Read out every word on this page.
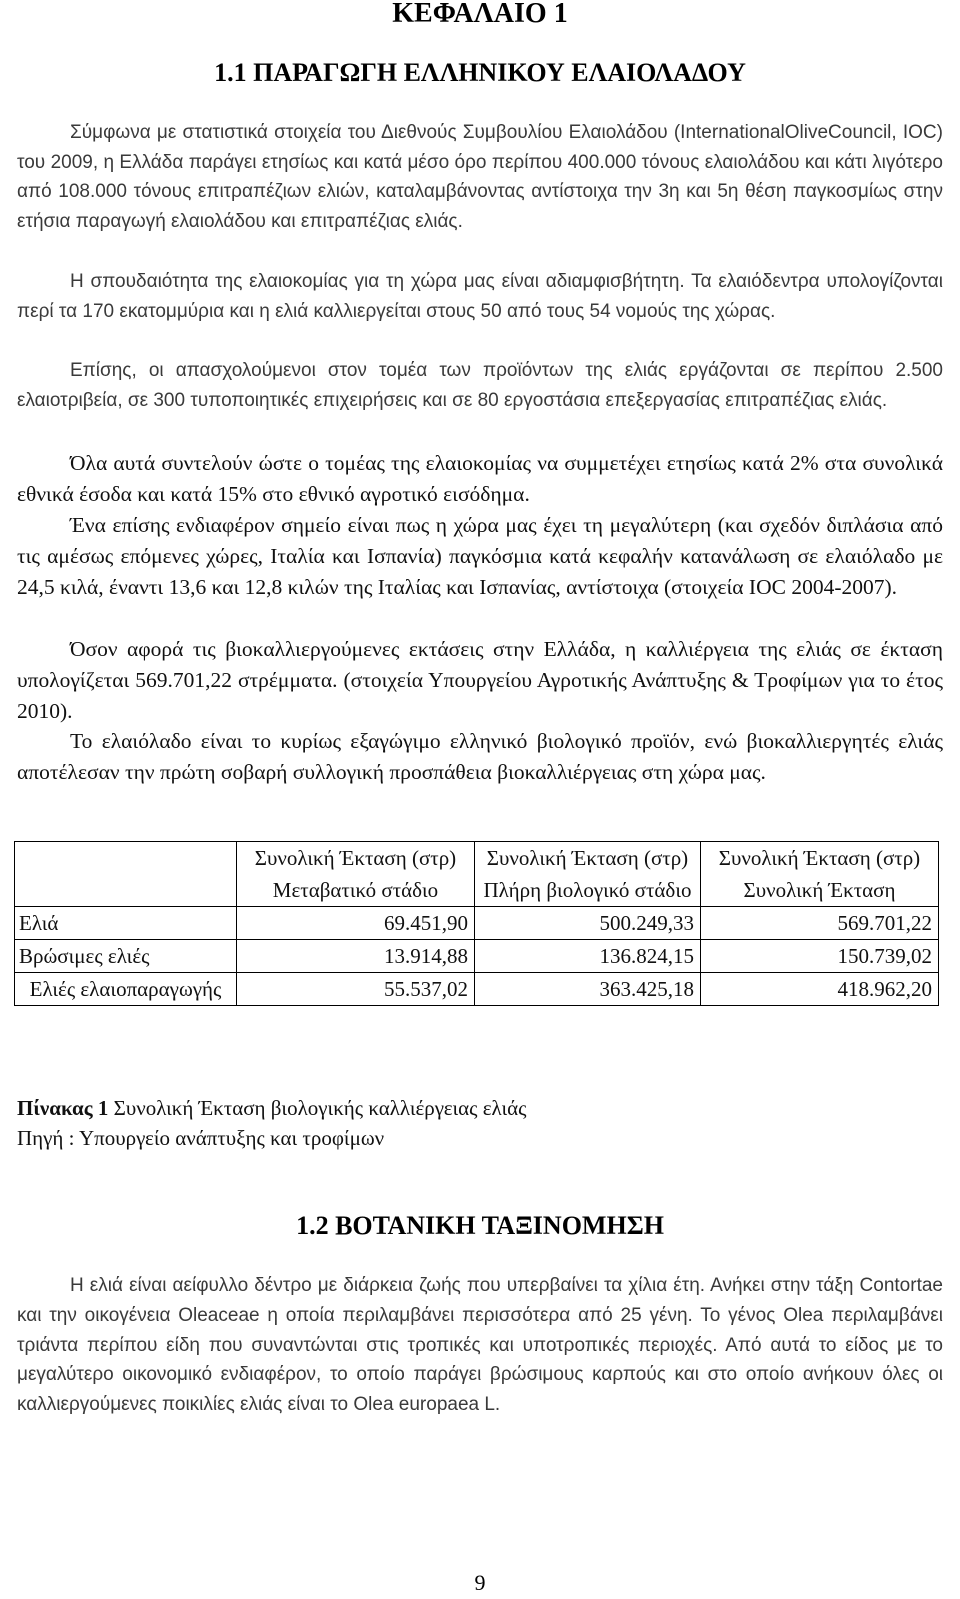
ΚΕΦΑΛΑΙΟ 1
1.1 ΠΑΡΑΓΩΓΗ ΕΛΛΗΝΙΚΟΥ ΕΛΑΙΟΛΑΔΟΥ

Σύμφωνα με στατιστικά στοιχεία του Διεθνούς Συμβουλίου Ελαιολάδου (InternationalOliveCouncil, IOC) του 2009, η Ελλάδα παράγει ετησίως και κατά μέσο όρο περίπου 400.000 τόνους ελαιολάδου και κάτι λιγότερο από 108.000 τόνους επιτραπέζιων ελιών, καταλαμβάνοντας αντίστοιχα την 3η και 5η θέση παγκοσμίως στην ετήσια παραγωγή ελαιολάδου και επιτραπέζιας ελιάς.

Η σπουδαιότητα της ελαιοκομίας για τη χώρα μας είναι αδιαμφισβήτητη. Τα ελαιόδεντρα υπολογίζονται περί τα 170 εκατομμύρια και η ελιά καλλιεργείται στους 50 από τους 54 νομούς της χώρας.

Επίσης, οι απασχολούμενοι στον τομέα των προϊόντων της ελιάς εργάζονται σε περίπου 2.500 ελαιοτριβεία, σε 300 τυποποιητικές επιχειρήσεις και σε 80 εργοστάσια επεξεργασίας επιτραπέζιας ελιάς.

Όλα αυτά συντελούν ώστε ο τομέας της ελαιοκομίας να συμμετέχει ετησίως κατά 2% στα συνολικά εθνικά έσοδα και κατά 15% στο εθνικό αγροτικό εισόδημα.

Ένα επίσης ενδιαφέρον σημείο είναι πως η χώρα μας έχει τη μεγαλύτερη (και σχεδόν διπλάσια από τις αμέσως επόμενες χώρες, Ιταλία και Ισπανία) παγκόσμια κατά κεφαλήν κατανάλωση σε ελαιόλαδο με 24,5 κιλά, έναντι 13,6 και 12,8 κιλών της Ιταλίας και Ισπανίας, αντίστοιχα (στοιχεία IOC 2004-2007).

Όσον αφορά τις βιοκαλλιεργούμενες εκτάσεις στην Ελλάδα, η καλλιέργεια της ελιάς σε έκταση υπολογίζεται 569.701,22 στρέμματα. (στοιχεία Υπουργείου Αγροτικής Ανάπτυξης & Τροφίμων για το έτος 2010).

Το ελαιόλαδο είναι το κυρίως εξαγώγιμο ελληνικό βιολογικό προϊόν, ενώ βιοκαλλιεργητές ελιάς αποτέλεσαν την πρώτη σοβαρή συλλογική προσπάθεια βιοκαλλιέργειας στη χώρα μας.

	Συνολική Έκταση (στρ)	Συνολική Έκταση (στρ)	Συνολική Έκταση (στρ)
	Μεταβατικό στάδιο	Πλήρη βιολογικό στάδιο	Συνολική Έκταση
Ελιά	69.451,90	500.249,33	569.701,22
Βρώσιμες ελιές	13.914,88	136.824,15	150.739,02
Ελιές ελαιοπαραγωγής	55.537,02	363.425,18	418.962,20
Πίνακας 1 Συνολική Έκταση βιολογικής καλλιέργειας ελιάς
Πηγή : Υπουργείο ανάπτυξης και τροφίμων
1.2 ΒΟΤΑΝΙΚΗ ΤΑΞΙΝΟΜΗΣΗ

Η ελιά είναι αείφυλλο δέντρο με διάρκεια ζωής που υπερβαίνει τα χίλια έτη. Ανήκει στην τάξη Contortae και την οικογένεια Oleaceae η οποία περιλαμβάνει περισσότερα από 25 γένη. Το γένος Olea περιλαμβάνει τριάντα περίπου είδη που συναντώνται στις τροπικές και υποτροπικές περιοχές. Από αυτά το είδος με το μεγαλύτερο οικονομικό ενδιαφέρον, το οποίο παράγει βρώσιμους καρπούς και στο οποίο ανήκουν όλες οι καλλιεργούμενες ποικιλίες ελιάς είναι το Olea europaea L.

9
